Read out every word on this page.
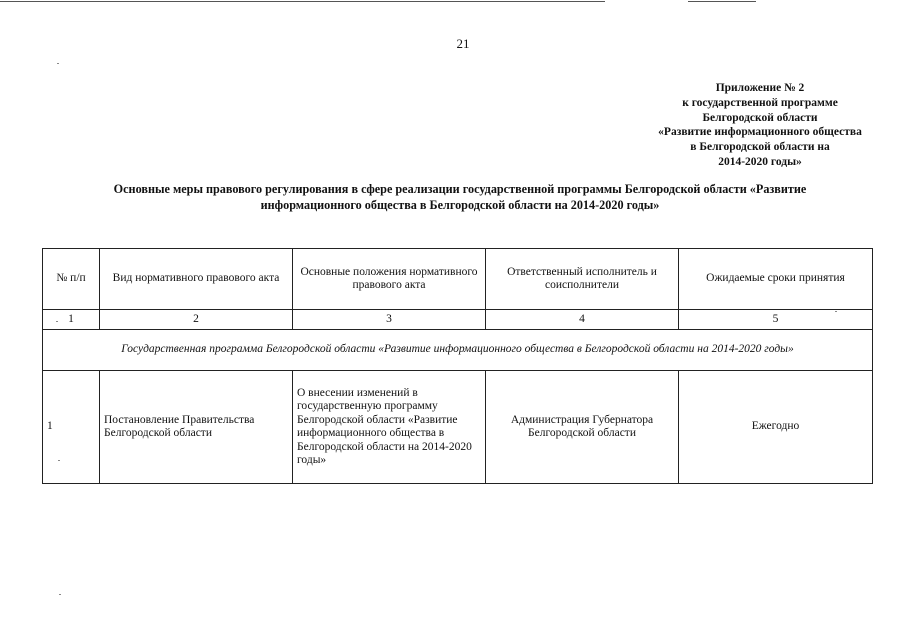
21
Приложение № 2
к государственной программе
Белгородской области
«Развитие информационного общества
в Белгородской области на
2014-2020 годы»
Основные меры правового регулирования в сфере реализации государственной программы Белгородской области «Развитие
информационного общества в Белгородской области на 2014-2020 годы»
№ п/п	Вид нормативного правового акта	Основные положения нормативного правового акта	Ответственный исполнитель и соисполнители	Ожидаемые сроки принятия
1	2	3	4	5
Государственная программа Белгородской области «Развитие информационного общества в Белгородской области на 2014-2020 годы»				
1	Постановление Правительства Белгородской области	О внесении изменений в государственную программу Белгородской области «Развитие информационного общества в Белгородской области на 2014-2020 годы»	Администрация Губернатора Белгородской области	Ежегодно
